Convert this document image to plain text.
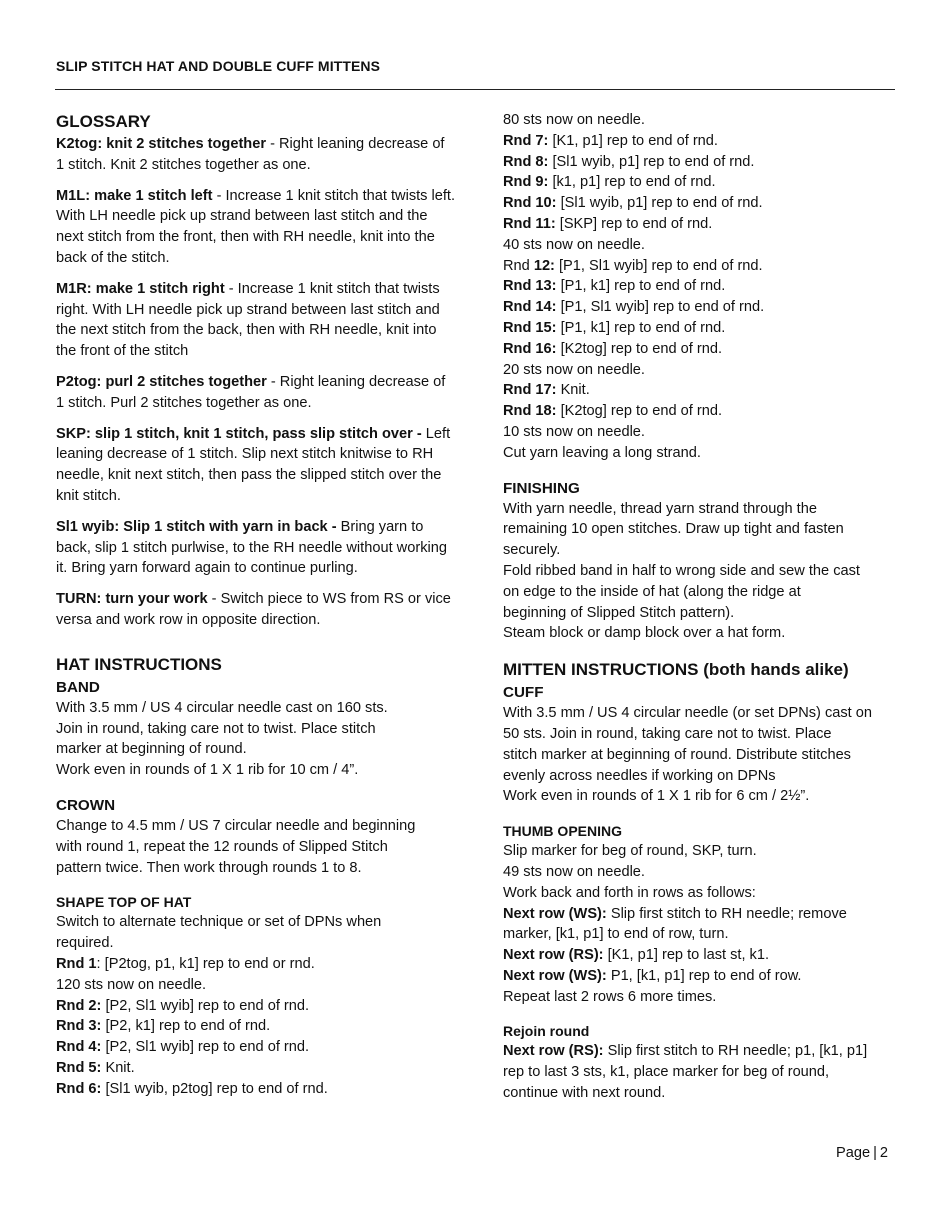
SLIP STITCH HAT AND DOUBLE CUFF MITTENS
GLOSSARY

K2tog: knit 2 stitches together - Right leaning decrease of 1 stitch. Knit 2 stitches together as one.

M1L: make 1 stitch left - Increase 1 knit stitch that twists left. With LH needle pick up strand between last stitch and the next stitch from the front, then with RH needle, knit into the back of the stitch.

M1R: make 1 stitch right - Increase 1 knit stitch that twists right. With LH needle pick up strand between last stitch and the next stitch from the back, then with RH needle, knit into the front of the stitch

P2tog: purl 2 stitches together - Right leaning decrease of 1 stitch. Purl 2 stitches together as one.

SKP: slip 1 stitch, knit 1 stitch, pass slip stitch over - Left leaning decrease of 1 stitch. Slip next stitch knitwise to RH needle, knit next stitch, then pass the slipped stitch over the knit stitch.

Sl1 wyib: Slip 1 stitch with yarn in back - Bring yarn to back, slip 1 stitch purlwise, to the RH needle without working it. Bring yarn forward again to continue purling.

TURN: turn your work - Switch piece to WS from RS or vice versa and work row in opposite direction.

HAT INSTRUCTIONS
BAND
With 3.5 mm / US 4 circular needle cast on 160 sts.
Join in round, taking care not to twist. Place stitch
marker at beginning of round.
Work even in rounds of 1 X 1 rib for 10 cm / 4”.
CROWN
Change to 4.5 mm / US 7 circular needle and beginning
with round 1, repeat the 12 rounds of Slipped Stitch
pattern twice. Then work through rounds 1 to 8.
SHAPE TOP OF HAT
Switch to alternate technique or set of DPNs when
required.
Rnd 1: [P2tog, p1, k1] rep to end or rnd.
120 sts now on needle.
Rnd 2: [P2, Sl1 wyib] rep to end of rnd.
Rnd 3: [P2, k1] rep to end of rnd.
Rnd 4: [P2, Sl1 wyib] rep to end of rnd.
Rnd 5: Knit.
Rnd 6: [Sl1 wyib, p2tog] rep to end of rnd.
80 sts now on needle.
Rnd 7: [K1, p1] rep to end of rnd.
Rnd 8: [Sl1 wyib, p1] rep to end of rnd.
Rnd 9: [k1, p1] rep to end of rnd.
Rnd 10: [Sl1 wyib, p1] rep to end of rnd.
Rnd 11: [SKP] rep to end of rnd.
40 sts now on needle.
Rnd 12: [P1, Sl1 wyib] rep to end of rnd.
Rnd 13: [P1, k1] rep to end of rnd.
Rnd 14: [P1, Sl1 wyib] rep to end of rnd.
Rnd 15: [P1, k1] rep to end of rnd.
Rnd 16: [K2tog] rep to end of rnd.
20 sts now on needle.
Rnd 17: Knit.
Rnd 18: [K2tog] rep to end of rnd.
10 sts now on needle.
Cut yarn leaving a long strand.
FINISHING
With yarn needle, thread yarn strand through the
remaining 10 open stitches. Draw up tight and fasten
securely.
Fold ribbed band in half to wrong side and sew the cast
on edge to the inside of hat (along the ridge at
beginning of Slipped Stitch pattern).
Steam block or damp block over a hat form.
MITTEN INSTRUCTIONS (both hands alike)
CUFF
With 3.5 mm / US 4 circular needle (or set DPNs) cast on
50 sts. Join in round, taking care not to twist. Place
stitch marker at beginning of round. Distribute stitches
evenly across needles if working on DPNs
Work even in rounds of 1 X 1 rib for 6 cm / 2½”.
THUMB OPENING
Slip marker for beg of round, SKP, turn.
49 sts now on needle.
Work back and forth in rows as follows:
Next row (WS): Slip first stitch to RH needle; remove
marker, [k1, p1] to end of row, turn.
Next row (RS): [K1, p1] rep to last st, k1.
Next row (WS): P1, [k1, p1] rep to end of row.
Repeat last 2 rows 6 more times.
Rejoin round
Next row (RS): Slip first stitch to RH needle; p1, [k1, p1]
rep to last 3 sts, k1, place marker for beg of round,
continue with next round.
Page | 2
